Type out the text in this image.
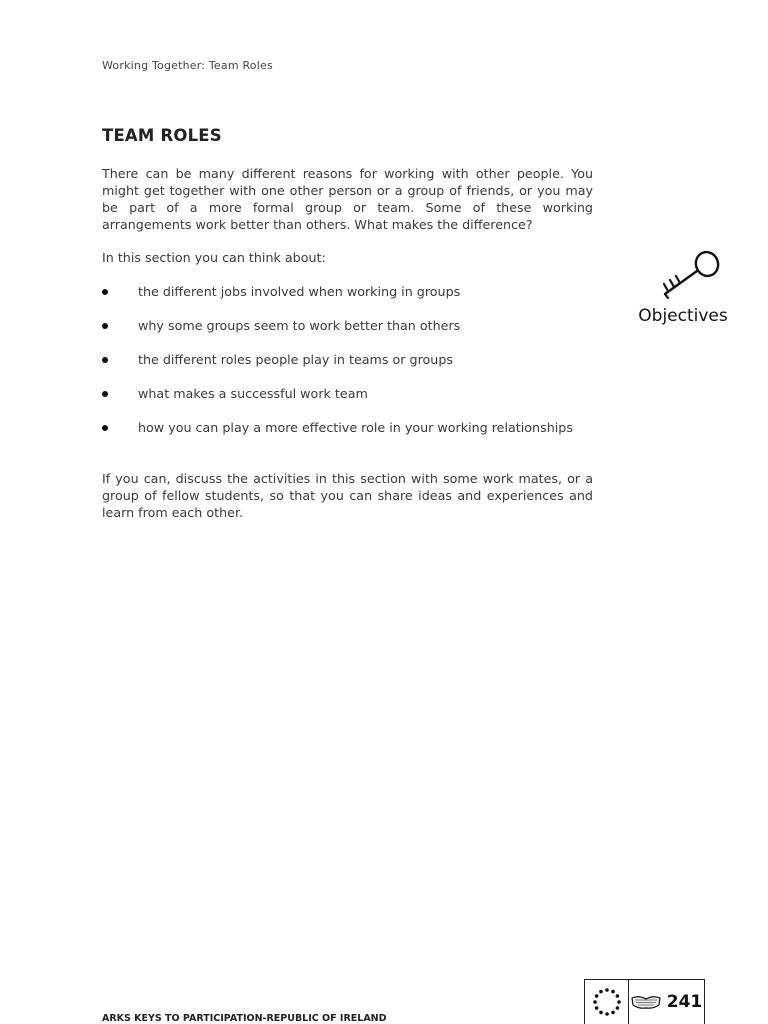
Working Together: Team Roles
TEAM ROLES

There can be many different reasons for working with other people. You might get together with one other person or a group of friends, or you may be part of a more formal group or team. Some of these working arrangements work better than others. What makes the difference?

In this section you can think about:

the different jobs involved when working in groups
why some groups seem to work better than others
the different roles people play in teams or groups
what makes a successful work team
how you can play a more effective role in your working relationships

If you can, discuss the activities in this section with some work mates, or a group of fellow students, so that you can share ideas and experiences and learn from each other.

Objectives
ARKS KEYS TO PARTICIPATION-REPUBLIC OF IRELAND
241
